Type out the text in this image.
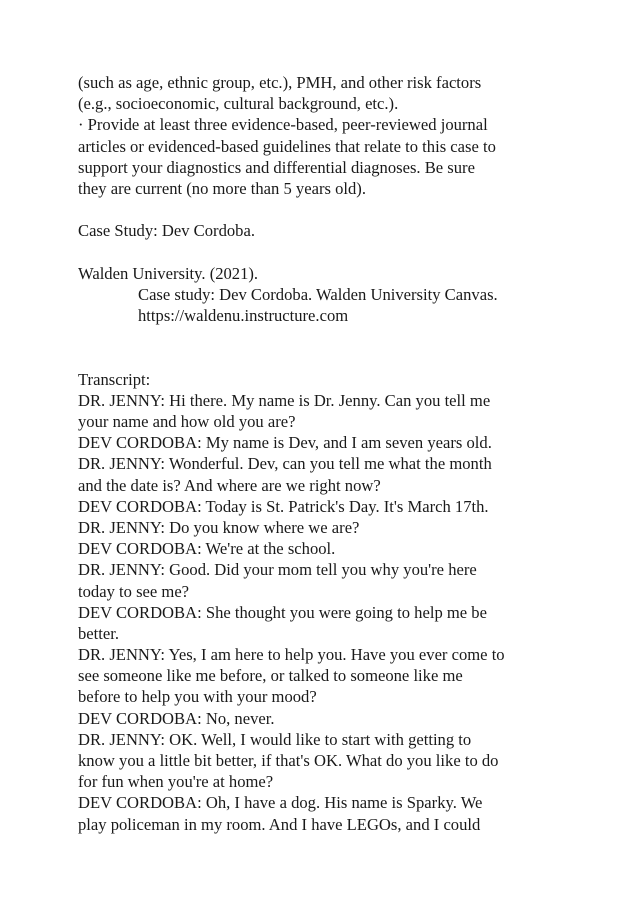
(such as age, ethnic group, etc.), PMH, and other risk factors
(e.g., socioeconomic, cultural background, etc.).
· Provide at least three evidence-based, peer-reviewed journal
articles or evidenced-based guidelines that relate to this case to
support your diagnostics and differential diagnoses. Be sure
they are current (no more than 5 years old).
Case Study: Dev Cordoba.
Walden University. (2021).
Case study: Dev Cordoba. Walden University Canvas.
https://waldenu.instructure.com
Transcript:
DR. JENNY: Hi there. My name is Dr. Jenny. Can you tell me
your name and how old you are?
DEV CORDOBA: My name is Dev, and I am seven years old.
DR. JENNY: Wonderful. Dev, can you tell me what the month
and the date is? And where are we right now?
DEV CORDOBA: Today is St. Patrick's Day. It's March 17th.
DR. JENNY: Do you know where we are?
DEV CORDOBA: We're at the school.
DR. JENNY: Good. Did your mom tell you why you're here
today to see me?
DEV CORDOBA: She thought you were going to help me be
better.
DR. JENNY: Yes, I am here to help you. Have you ever come to
see someone like me before, or talked to someone like me
before to help you with your mood?
DEV CORDOBA: No, never.
DR. JENNY: OK. Well, I would like to start with getting to
know you a little bit better, if that's OK. What do you like to do
for fun when you're at home?
DEV CORDOBA: Oh, I have a dog. His name is Sparky. We
play policeman in my room. And I have LEGOs, and I could
